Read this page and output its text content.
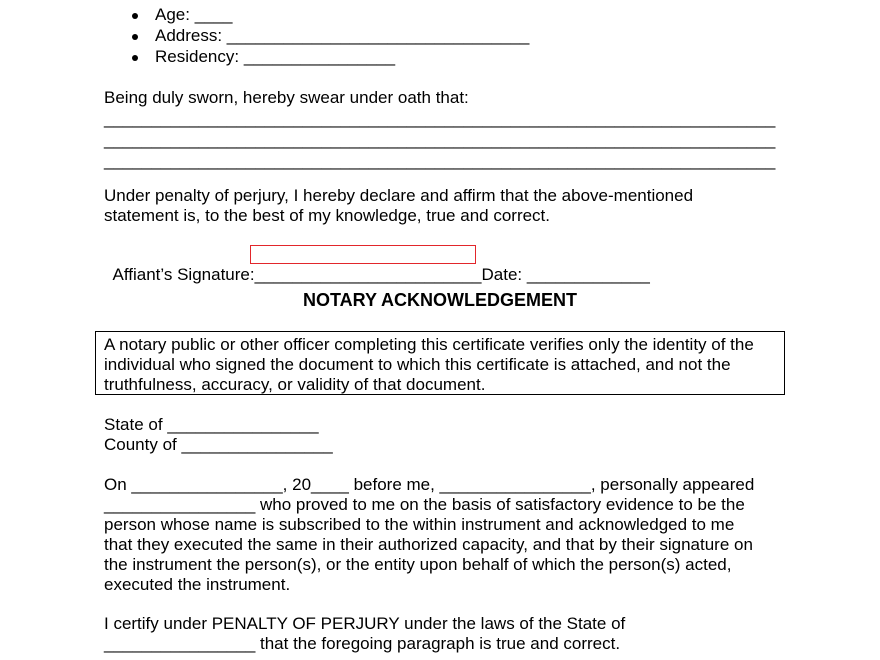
Age: ____
Address: ________________________________
Residency: ________________
Being duly sworn, hereby swear under oath that:
_______________________________________________________________________
_______________________________________________________________________
_______________________________________________________________________
Under penalty of perjury, I hereby declare and affirm that the above-mentioned
statement is, to the best of my knowledge, true and correct.

Affiant’s Signature:________________________Date: _____________

NOTARY ACKNOWLEDGEMENT
A notary public or other officer completing this certificate verifies only the identity of the
individual who signed the document to which this certificate is attached, and not the
truthfulness, accuracy, or validity of that document.
State of ________________
County of ________________
On ________________, 20____ before me, ________________, personally appeared
________________ who proved to me on the basis of satisfactory evidence to be the
person whose name is subscribed to the within instrument and acknowledged to me
that they executed the same in their authorized capacity, and that by their signature on
the instrument the person(s), or the entity upon behalf of which the person(s) acted,
executed the instrument.
I certify under PENALTY OF PERJURY under the laws of the State of
________________ that the foregoing paragraph is true and correct.
